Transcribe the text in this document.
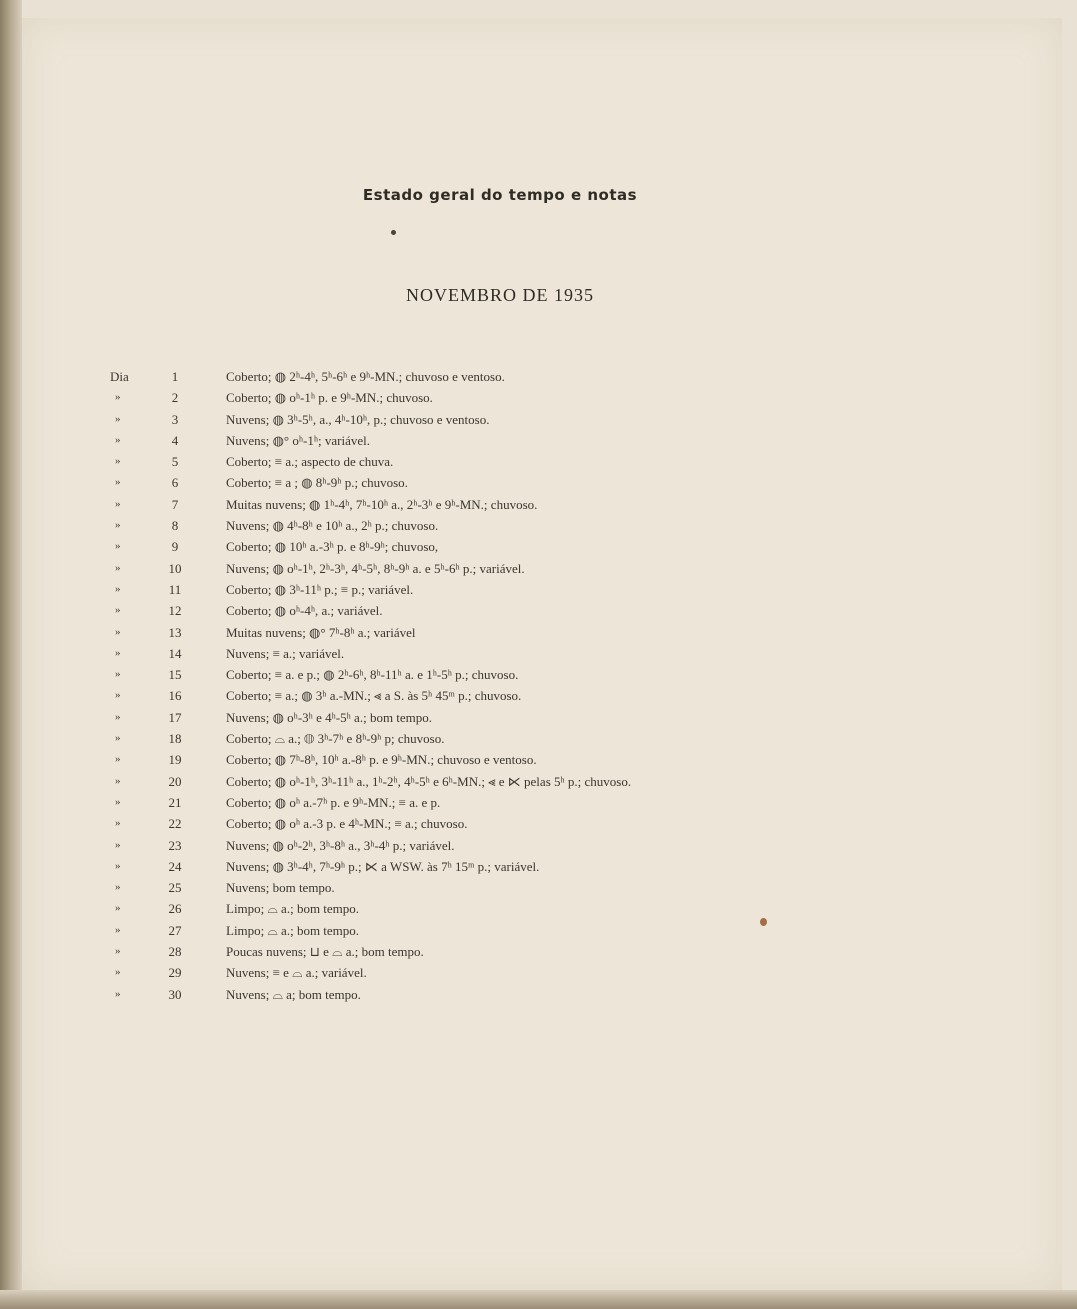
Estado geral do tempo e notas
NOVEMBRO DE 1935
Dia	1	Coberto; ◍ 2ʰ-4ʰ, 5ʰ-6ʰ e 9ʰ-MN.; chuvoso e ventoso.
»	2	Coberto; ◍ oʰ-1ʰ p. e 9ʰ-MN.; chuvoso.
»	3	Nuvens; ◍ 3ʰ-5ʰ, a., 4ʰ-10ʰ, p.; chuvoso e ventoso.
»	4	Nuvens; ◍° oʰ-1ʰ; variável.
»	5	Coberto; ≡ a.; aspecto de chuva.
»	6	Coberto; ≡ a ; ◍ 8ʰ-9ʰ p.; chuvoso.
»	7	Muitas nuvens; ◍ 1ʰ-4ʰ, 7ʰ-10ʰ a., 2ʰ-3ʰ e 9ʰ-MN.; chuvoso.
»	8	Nuvens; ◍ 4ʰ-8ʰ e 10ʰ a., 2ʰ p.; chuvoso.
»	9	Coberto; ◍ 10ʰ a.-3ʰ p. e 8ʰ-9ʰ; chuvoso,
»	10	Nuvens; ◍ oʰ-1ʰ, 2ʰ-3ʰ, 4ʰ-5ʰ, 8ʰ-9ʰ a. e 5ʰ-6ʰ p.; variável.
»	11	Coberto; ◍ 3ʰ-11ʰ p.; ≡ p.; variável.
»	12	Coberto; ◍ oʰ-4ʰ, a.; variável.
»	13	Muitas nuvens; ◍° 7ʰ-8ʰ a.; variável
»	14	Nuvens; ≡ a.; variável.
»	15	Coberto; ≡ a. e p.; ◍ 2ʰ-6ʰ, 8ʰ-11ʰ a. e 1ʰ-5ʰ p.; chuvoso.
»	16	Coberto; ≡ a.; ◍ 3ʰ a.-MN.; ⪡ a S. às 5ʰ 45ᵐ p.; chuvoso.
»	17	Nuvens; ◍ oʰ-3ʰ e 4ʰ-5ʰ a.; bom tempo.
»	18	Coberto; ⌓ a.; ◍ 3ʰ-7ʰ e 8ʰ-9ʰ p; chuvoso.
»	19	Coberto; ◍ 7ʰ-8ʰ, 10ʰ a.-8ʰ p. e 9ʰ-MN.; chuvoso e ventoso.
»	20	Coberto; ◍ oʰ-1ʰ, 3ʰ-11ʰ a., 1ʰ-2ʰ, 4ʰ-5ʰ e 6ʰ-MN.; ⪡ e ⋉ pelas 5ʰ p.; chuvoso.
»	21	Coberto; ◍ oʰ a.-7ʰ p. e 9ʰ-MN.; ≡ a. e p.
»	22	Coberto; ◍ oʰ a.-3 p. e 4ʰ-MN.; ≡ a.; chuvoso.
»	23	Nuvens; ◍ oʰ-2ʰ, 3ʰ-8ʰ a., 3ʰ-4ʰ p.; variável.
»	24	Nuvens; ◍ 3ʰ-4ʰ, 7ʰ-9ʰ p.; ⋉ a WSW. às 7ʰ 15ᵐ p.; variável.
»	25	Nuvens; bom tempo.
»	26	Limpo; ⌓ a.; bom tempo.
»	27	Limpo; ⌓ a.; bom tempo.
»	28	Poucas nuvens; ⊔ e ⌓ a.; bom tempo.
»	29	Nuvens; ≡ e ⌓ a.; variável.
»	30	Nuvens; ⌓ a; bom tempo.
